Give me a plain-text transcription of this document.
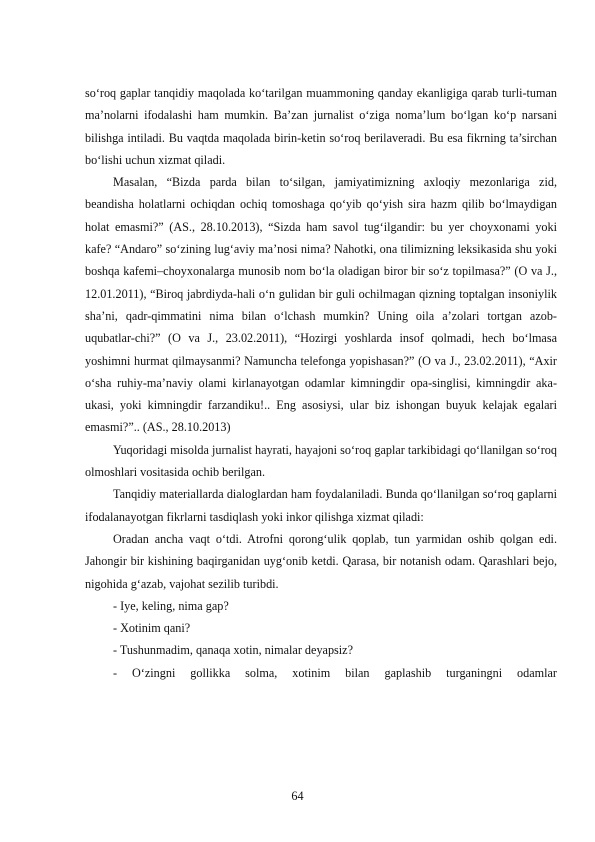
so‘roq gaplar tanqidiy maqolada ko‘tarilgan muammoning qanday ekanligiga qarab turli-tuman ma’nolarni ifodalashi ham mumkin. Ba’zan jurnalist o‘ziga noma’lum bo‘lgan ko‘p narsani bilishga intiladi. Bu vaqtda maqolada birin-ketin so‘roq berilaveradi. Bu esa fikrning ta’sirchan bo‘lishi uchun xizmat qiladi.

Masalan, “Bizda parda bilan to‘silgan, jamiyatimizning axloqiy mezonlariga zid, beandisha holatlarni ochiqdan ochiq tomoshaga qo‘yib qo‘yish sira hazm qilib bo‘lmaydigan holat emasmi?” (AS., 28.10.2013), “Sizda ham savol tug‘ilgandir: bu yer choyxonami yoki kafe? “Andaro” so‘zining lug‘aviy ma’nosi nima? Nahotki, ona tilimizning leksikasida shu yoki boshqa kafemi–choyxonalarga munosib nom bo‘la oladigan biror bir so‘z topilmasa?” (O va J., 12.01.2011), “Biroq jabrdiyda-hali o‘n gulidan bir guli ochilmagan qizning toptalgan insoniylik sha’ni, qadr-qimmatini nima bilan o‘lchash mumkin? Uning oila a’zolari tortgan azob-uqubatlar-chi?” (O va J., 23.02.2011), “Hozirgi yoshlarda insof qolmadi, hech bo‘lmasa yoshimni hurmat qilmaysanmi? Namuncha telefonga yopishasan?” (O va J., 23.02.2011), “Axir o‘sha ruhiy-ma’naviy olami kirlanayotgan odamlar kimningdir opa-singlisi, kimningdir aka-ukasi, yoki kimningdir farzandiku!.. Eng asosiysi, ular biz ishongan buyuk kelajak egalari emasmi?”.. (AS., 28.10.2013)

Yuqoridagi misolda jurnalist hayrati, hayajoni so‘roq gaplar tarkibidagi qo‘llanilgan so‘roq olmoshlari vositasida ochib berilgan.

Tanqidiy materiallarda dialoglardan ham foydalaniladi. Bunda qo‘llanilgan so‘roq gaplarni ifodalanayotgan fikrlarni tasdiqlash yoki inkor qilishga xizmat qiladi:

Oradan ancha vaqt o‘tdi. Atrofni qorong‘ulik qoplab, tun yarmidan oshib qolgan edi. Jahongir bir kishining baqirganidan uyg‘onib ketdi. Qarasa, bir notanish odam. Qarashlari bejo, nigohida g‘azab, vajohat sezilib turibdi.

- Iye, keling, nima gap?

- Xotinim qani?

- Tushunmadim, qanaqa xotin, nimalar deyapsiz?

- O‘zingni gollikka solma, xotinim bilan gaplashib turganingni odamlar

64
